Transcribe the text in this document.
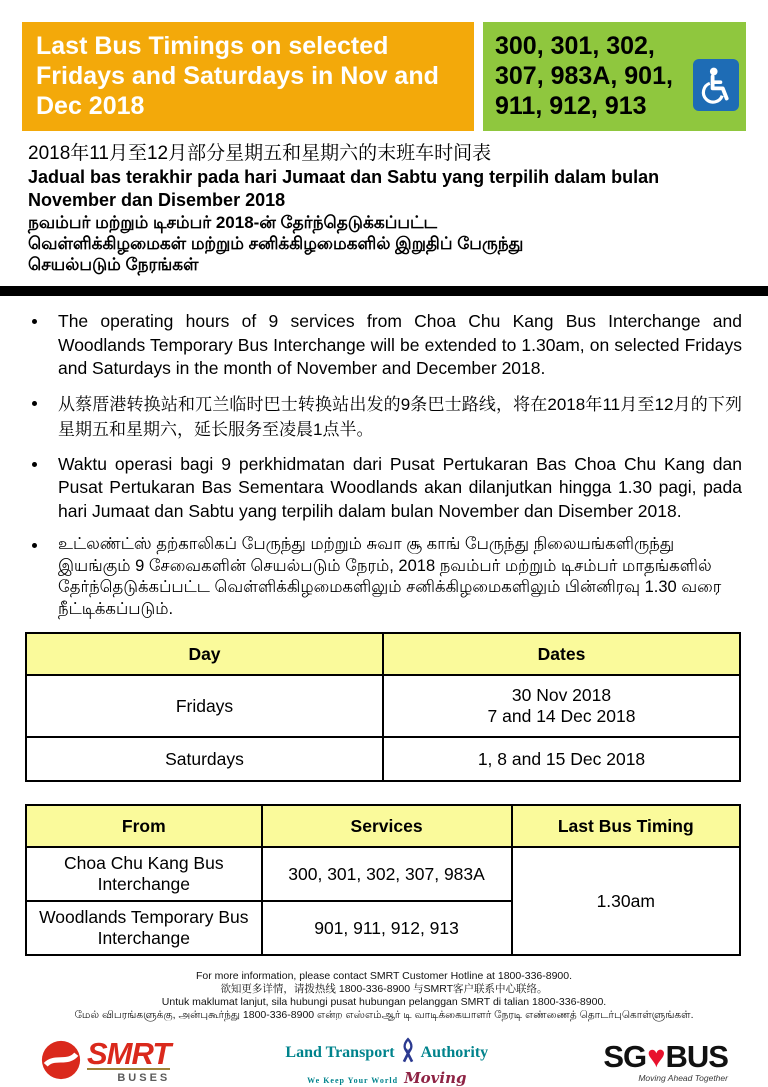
Last Bus Timings on selected
Fridays and Saturdays in Nov and
Dec 2018
300, 301, 302,
307, 983A, 901,
911, 912, 913
2018年11月至12月部分星期五和星期六的末班车时间表
Jadual bas terakhir pada hari Jumaat dan Sabtu yang terpilih dalam bulan
November dan Disember 2018
நவம்பர் மற்றும் டிசம்பர் 2018-ன் தேர்ந்தெடுக்கப்பட்ட
வெள்ளிக்கிழமைகள் மற்றும் சனிக்கிழமைகளில் இறுதிப் பேருந்து
செயல்படும் நேரங்கள்
The operating hours of 9 services from Choa Chu Kang Bus Interchange and Woodlands Temporary Bus Interchange will be extended to 1.30am, on selected Fridays and Saturdays in the month of November and December 2018.
从蔡厝港转换站和兀兰临时巴士转换站出发的9条巴士路线，将在2018年11月至12月的下列星期五和星期六，延长服务至凌晨1点半。
Waktu operasi bagi 9 perkhidmatan dari Pusat Pertukaran Bas Choa Chu Kang dan Pusat Pertukaran Bas Sementara Woodlands akan dilanjutkan hingga 1.30 pagi, pada hari Jumaat dan Sabtu yang terpilih dalam bulan November dan Disember 2018.
உட்லண்ட்ஸ் தற்காலிகப் பேருந்து மற்றும் சுவா சூ காங் பேருந்து நிலையங்களிருந்து இயங்கும் 9 சேவைகளின் செயல்படும் நேரம், 2018 நவம்பர் மற்றும் டிசம்பர் மாதங்களில் தேர்ந்தெடுக்கப்பட்ட வெள்ளிக்கிழமைகளிலும் சனிக்கிழமைகளிலும் பின்னிரவு 1.30 வரை நீட்டிக்கப்படும்.
Day	Dates
Fridays	30 Nov 2018
7 and 14 Dec 2018

Saturdays	1, 8 and 15 Dec 2018
From	Services	Last Bus Timing
Choa Chu Kang Bus Interchange	300, 301, 302, 307, 983A	1.30am
Woodlands Temporary Bus Interchange	901, 911, 912, 913	
For more information, please contact SMRT Customer Hotline at 1800-336-8900.
欲知更多详情，请拨热线 1800-336-8900 与SMRT客户联系中心联络。
Untuk maklumat lanjut, sila hubungi pusat hubungan pelanggan SMRT di talian 1800-336-8900.
மேல் விபரங்களுக்கு, அன்புகூர்ந்து 1800-336-8900 என்ற எஸ்எம்ஆர் டி வாடிக்கையாளர் நேரடி எண்ணைத் தொடர்புகொள்ளுங்கள்.
SMRT
BUSES
Land Transport Authority
We Keep Your World Moving
SG ♥ BUS
Moving Ahead Together
